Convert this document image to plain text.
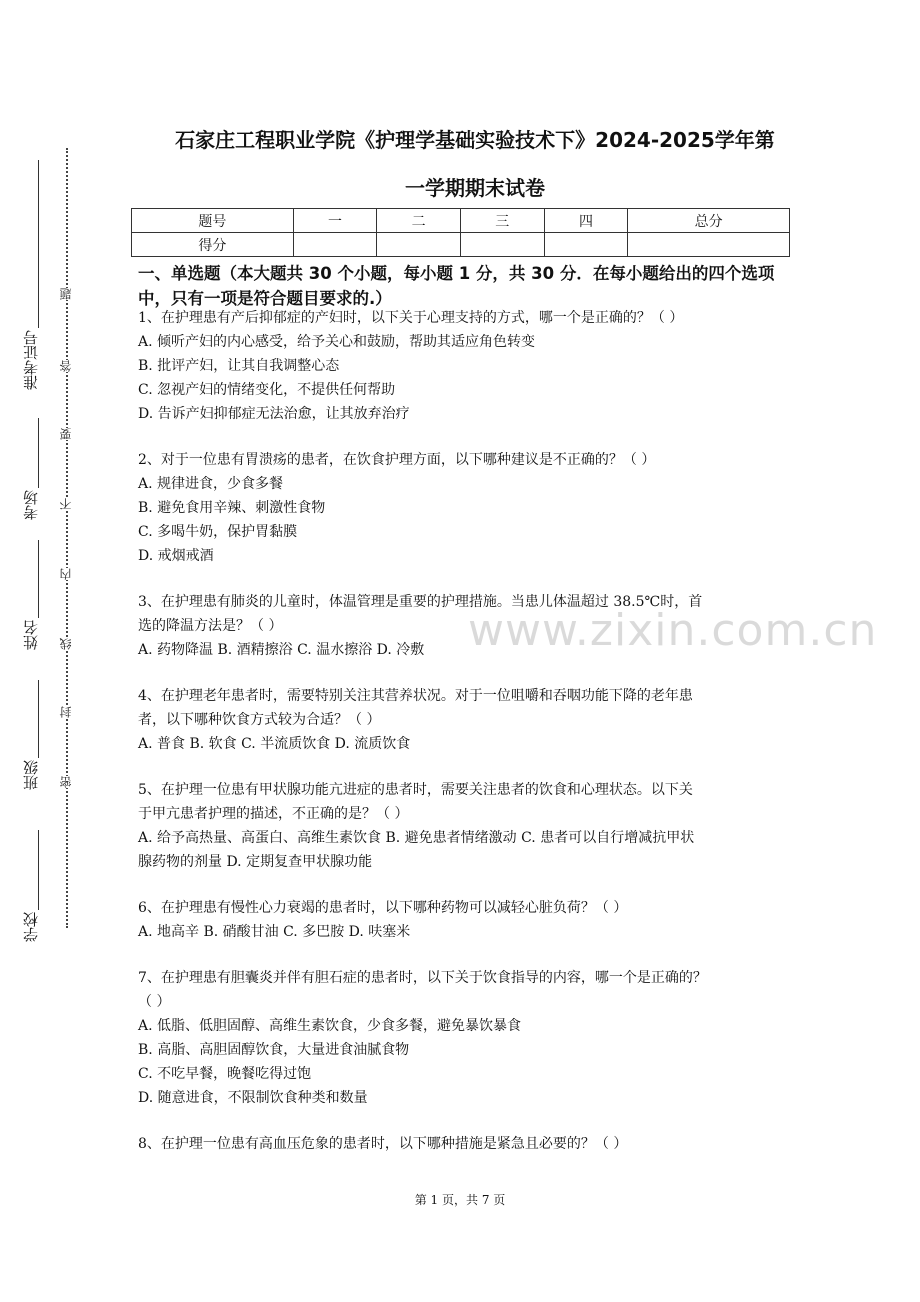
准考证号
考场
姓名
班级
学校
题
答
要
不
内
线
封
密
石家庄工程职业学院《护理学基础实验技术下》2024-2025学年第
一学期期末试卷
题号	一	二	三	四	总分
得分					
一、单选题（本大题共 30 个小题，每小题 1 分，共 30 分．在每小题给出的四个选项中，只有一项是符合题目要求的.）
1、在护理患有产后抑郁症的产妇时，以下关于心理支持的方式，哪一个是正确的？（ ）
A. 倾听产妇的内心感受，给予关心和鼓励，帮助其适应角色转变
B. 批评产妇，让其自我调整心态
C. 忽视产妇的情绪变化，不提供任何帮助
D. 告诉产妇抑郁症无法治愈，让其放弃治疗
2、对于一位患有胃溃疡的患者，在饮食护理方面，以下哪种建议是不正确的？（ ）
A. 规律进食，少食多餐
B. 避免食用辛辣、刺激性食物
C. 多喝牛奶，保护胃黏膜
D. 戒烟戒酒
3、在护理患有肺炎的儿童时，体温管理是重要的护理措施。当患儿体温超过 38.5℃时，首
选的降温方法是？（ ）
A. 药物降温 B. 酒精擦浴 C. 温水擦浴 D. 冷敷
4、在护理老年患者时，需要特别关注其营养状况。对于一位咀嚼和吞咽功能下降的老年患
者，以下哪种饮食方式较为合适？（ ）
A. 普食 B. 软食 C. 半流质饮食 D. 流质饮食
5、在护理一位患有甲状腺功能亢进症的患者时，需要关注患者的饮食和心理状态。以下关
于甲亢患者护理的描述，不正确的是？（ ）
A. 给予高热量、高蛋白、高维生素饮食 B. 避免患者情绪激动 C. 患者可以自行增减抗甲状
腺药物的剂量 D. 定期复查甲状腺功能
6、在护理患有慢性心力衰竭的患者时，以下哪种药物可以减轻心脏负荷？（ ）
A. 地高辛 B. 硝酸甘油 C. 多巴胺 D. 呋塞米
7、在护理患有胆囊炎并伴有胆石症的患者时，以下关于饮食指导的内容，哪一个是正确的？
（ ）
A. 低脂、低胆固醇、高维生素饮食，少食多餐，避免暴饮暴食
B. 高脂、高胆固醇饮食，大量进食油腻食物
C. 不吃早餐，晚餐吃得过饱
D. 随意进食，不限制饮食种类和数量
8、在护理一位患有高血压危象的患者时，以下哪种措施是紧急且必要的？（ ）
www.zixin.com.cn
第 1 页，共 7 页
